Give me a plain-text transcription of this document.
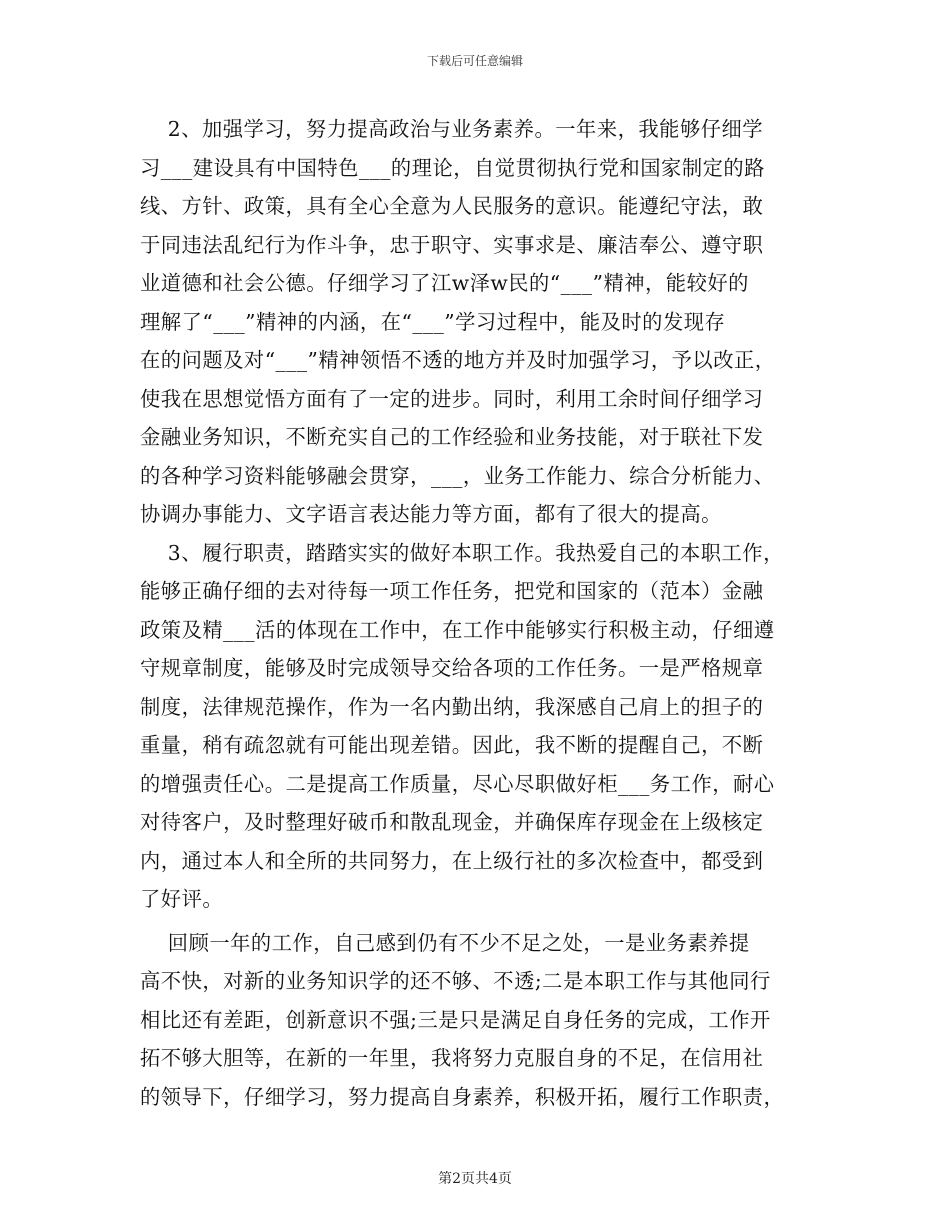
下载后可任意编辑
2、加强学习，努力提高政治与业务素养。一年来，我能够仔细学
习___建设具有中国特色___的理论，自觉贯彻执行党和国家制定的路
线、方针、政策，具有全心全意为人民服务的意识。能遵纪守法，敢
于同违法乱纪行为作斗争，忠于职守、实事求是、廉洁奉公、遵守职
业道德和社会公德。仔细学习了江w泽w民的“___”精神，能较好的
理解了“___”精神的内涵，在“___”学习过程中，能及时的发现存
在的问题及对“___”精神领悟不透的地方并及时加强学习，予以改正，
使我在思想觉悟方面有了一定的进步。同时，利用工余时间仔细学习
金融业务知识，不断充实自己的工作经验和业务技能，对于联社下发
的各种学习资料能够融会贯穿，___，业务工作能力、综合分析能力、
协调办事能力、文字语言表达能力等方面，都有了很大的提高。
3、履行职责，踏踏实实的做好本职工作。我热爱自己的本职工作，
能够正确仔细的去对待每一项工作任务，把党和国家的（范本）金融
政策及精___活的体现在工作中，在工作中能够实行积极主动，仔细遵
守规章制度，能够及时完成领导交给各项的工作任务。一是严格规章
制度，法律规范操作，作为一名内勤出纳，我深感自己肩上的担子的
重量，稍有疏忽就有可能出现差错。因此，我不断的提醒自己，不断
的增强责任心。二是提高工作质量，尽心尽职做好柜___务工作，耐心
对待客户，及时整理好破币和散乱现金，并确保库存现金在上级核定
内，通过本人和全所的共同努力，在上级行社的多次检查中，都受到
了好评。
回顾一年的工作，自己感到仍有不少不足之处，一是业务素养提
高不快，对新的业务知识学的还不够、不透;二是本职工作与其他同行
相比还有差距，创新意识不强;三是只是满足自身任务的完成，工作开
拓不够大胆等，在新的一年里，我将努力克服自身的不足，在信用社
的领导下，仔细学习，努力提高自身素养，积极开拓，履行工作职责，
第2页共4页
